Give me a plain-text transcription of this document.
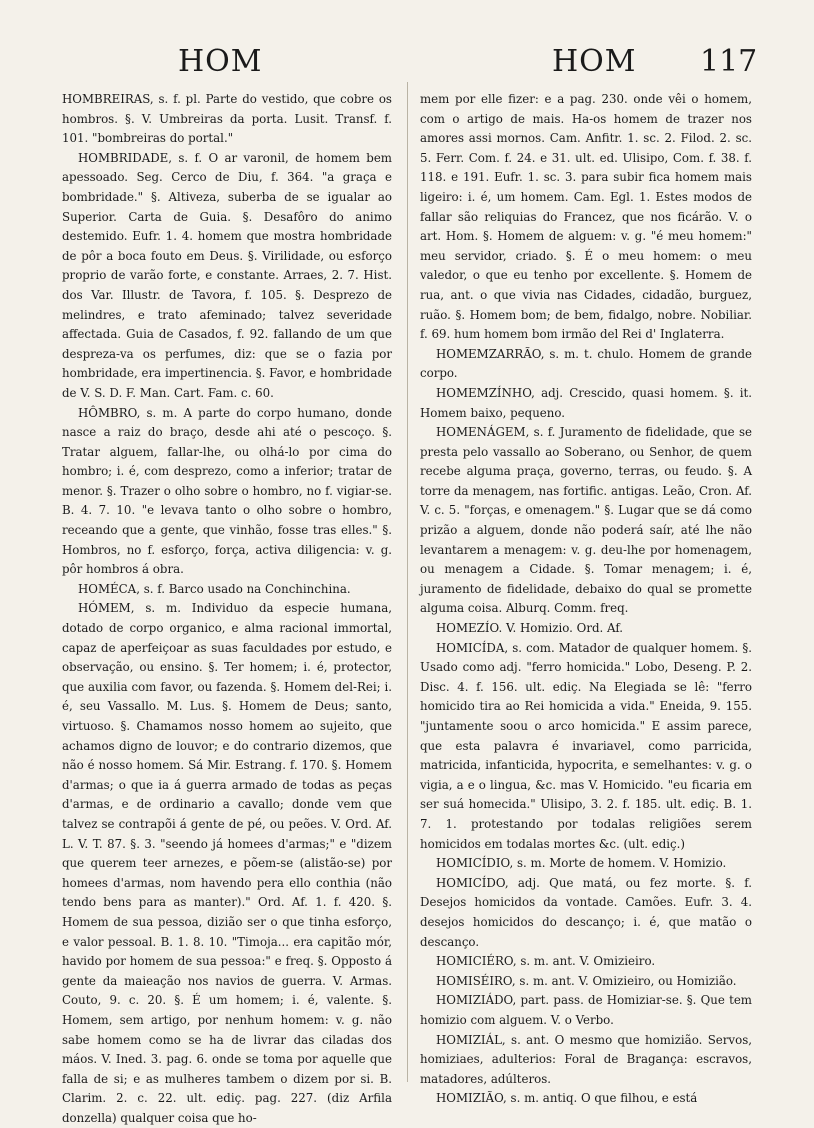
HOM	HOM 117

HOMBREIRAS, s. f. pl. Parte do vestido, que cobre os hombros. §. V. Umbreiras da porta. Lusit. Transf. f. 101. "bombreiras do portal."

HOMBRIDADE, s. f. O ar varonil, de homem bem apessoado. Seg. Cerco de Diu, f. 364. "a graça e bombridade." §. Altiveza, suberba de se igualar ao Superior. Carta de Guia. §. Desafôro do animo destemido. Eufr. 1. 4. homem que mostra hombridade de pôr a boca fouto em Deus. §. Virilidade, ou esforço proprio de varão forte, e constante. Arraes, 2. 7. Hist. dos Var. Illustr. de Tavora, f. 105. §. Desprezo de melindres, e trato afeminado; talvez severidade affectada. Guia de Casados, f. 92. fallando de um que despreza-va os perfumes, diz: que se o fazia por hombridade, era impertinencia. §. Favor, e hombridade de V. S. D. F. Man. Cart. Fam. c. 60.

HÔMBRO, s. m. A parte do corpo humano, donde nasce a raiz do braço, desde ahi até o pescoço. §. Tratar alguem, fallar-lhe, ou olhá-lo por cima do hombro; i. é, com desprezo, como a inferior; tratar de menor. §. Trazer o olho sobre o hombro, no f. vigiar-se. B. 4. 7. 10. "e levava tanto o olho sobre o hombro, receando que a gente, que vinhão, fosse tras elles." §. Hombros, no f. esforço, força, activa diligencia: v. g. pôr hombros á obra.

HOMÉCA, s. f. Barco usado na Conchinchina.

HÓMEM, s. m. Individuo da especie humana, dotado de corpo organico, e alma racional immortal, capaz de aperfeiçoar as suas faculdades por estudo, e observação, ou ensino. §. Ter homem; i. é, protector, que auxilia com favor, ou fazenda. §. Homem del-Rei; i. é, seu Vassallo. M. Lus. §. Homem de Deus; santo, virtuoso. §. Chamamos nosso homem ao sujeito, que achamos digno de louvor; e do contrario dizemos, que não é nosso homem. Sá Mir. Estrang. f. 170. §. Homem d'armas; o que ia á guerra armado de todas as peças d'armas, e de ordinario a cavallo; donde vem que talvez se contrapõi á gente de pé, ou peões. V. Ord. Af. L. V. T. 87. §. 3. "seendo já homees d'armas;" e "dizem que querem teer arnezes, e põem-se (alistão-se) por homees d'armas, nom havendo pera ello conthia (não tendo bens para as manter)." Ord. Af. 1. f. 420. §. Homem de sua pessoa, dizião ser o que tinha esforço, e valor pessoal. B. 1. 8. 10. "Timoja... era capitão mór, havido por homem de sua pessoa:" e freq. §. Opposto á gente da maieação nos navios de guerra. V. Armas. Couto, 9. c. 20. §. É um homem; i. é, valente. §. Homem, sem artigo, por nenhum homem: v. g. não sabe homem como se ha de livrar das ciladas dos máos. V. Ined. 3. pag. 6. onde se toma por aquelle que falla de si; e as mulheres tambem o dizem por si. B. Clarim. 2. c. 22. ult. ediç. pag. 227. (diz Arfila donzella) qualquer coisa que ho-

mem por elle fizer: e a pag. 230. onde vêi o homem, com o artigo de mais. Ha-os homem de trazer nos amores assi mornos. Cam. Anfitr. 1. sc. 2. Filod. 2. sc. 5. Ferr. Com. f. 24. e 31. ult. ed. Ulisipo, Com. f. 38. f. 118. e 191. Eufr. 1. sc. 3. para subir fica homem mais ligeiro: i. é, um homem. Cam. Egl. 1. Estes modos de fallar são reliquias do Francez, que nos ficárão. V. o art. Hom. §. Homem de alguem: v. g. "é meu homem:" meu servidor, criado. §. É o meu homem: o meu valedor, o que eu tenho por excellente. §. Homem de rua, ant. o que vivia nas Cidades, cidadão, burguez, ruão. §. Homem bom; de bem, fidalgo, nobre. Nobiliar. f. 69. hum homem bom irmão del Rei d' Inglaterra.

HOMEMZARRÃO, s. m. t. chulo. Homem de grande corpo.

HOMEMZÍNHO, adj. Crescido, quasi homem. §. it. Homem baixo, pequeno.

HOMENÁGEM, s. f. Juramento de fidelidade, que se presta pelo vassallo ao Soberano, ou Senhor, de quem recebe alguma praça, governo, terras, ou feudo. §. A torre da menagem, nas fortific. antigas. Leão, Cron. Af. V. c. 5. "forças, e omenagem." §. Lugar que se dá como prizão a alguem, donde não poderá saír, até lhe não levantarem a menagem: v. g. deu-lhe por homenagem, ou menagem a Cidade. §. Tomar menagem; i. é, juramento de fidelidade, debaixo do qual se promette alguma coisa. Alburq. Comm. freq.

HOMEZÍO. V. Homizio. Ord. Af.

HOMICÍDA, s. com. Matador de qualquer homem. §. Usado como adj. "ferro homicida." Lobo, Deseng. P. 2. Disc. 4. f. 156. ult. ediç. Na Elegiada se lê: "ferro homicido tira ao Rei homicida a vida." Eneida, 9. 155. "juntamente soou o arco homicida." E assim parece, que esta palavra é invariavel, como parricida, matricida, infanticida, hypocrita, e semelhantes: v. g. o vigia, a e o lingua, &c. mas V. Homicido. "eu ficaria em ser suá homecida." Ulisipo, 3. 2. f. 185. ult. ediç. B. 1. 7. 1. protestando por todalas religiões serem homicidos em todalas mortes &c. (ult. ediç.)

HOMICÍDIO, s. m. Morte de homem. V. Homizio.

HOMICÍDO, adj. Que matá, ou fez morte. §. f. Desejos homicidos da vontade. Camões. Eufr. 3. 4. desejos homicidos do descanço; i. é, que matão o descanço.

HOMICIÉRO, s. m. ant. V. Omizieiro.

HOMISÉIRO, s. m. ant. V. Omizieiro, ou Homizião.

HOMIZIÁDO, part. pass. de Homiziar-se. §. Que tem homizio com alguem. V. o Verbo.

HOMIZIÁL, s. ant. O mesmo que homizião. Servos, homiziaes, adulterios: Foral de Bragança: escravos, matadores, adúlteros.

HOMIZIÃO, s. m. antiq. O que filhou, e está
